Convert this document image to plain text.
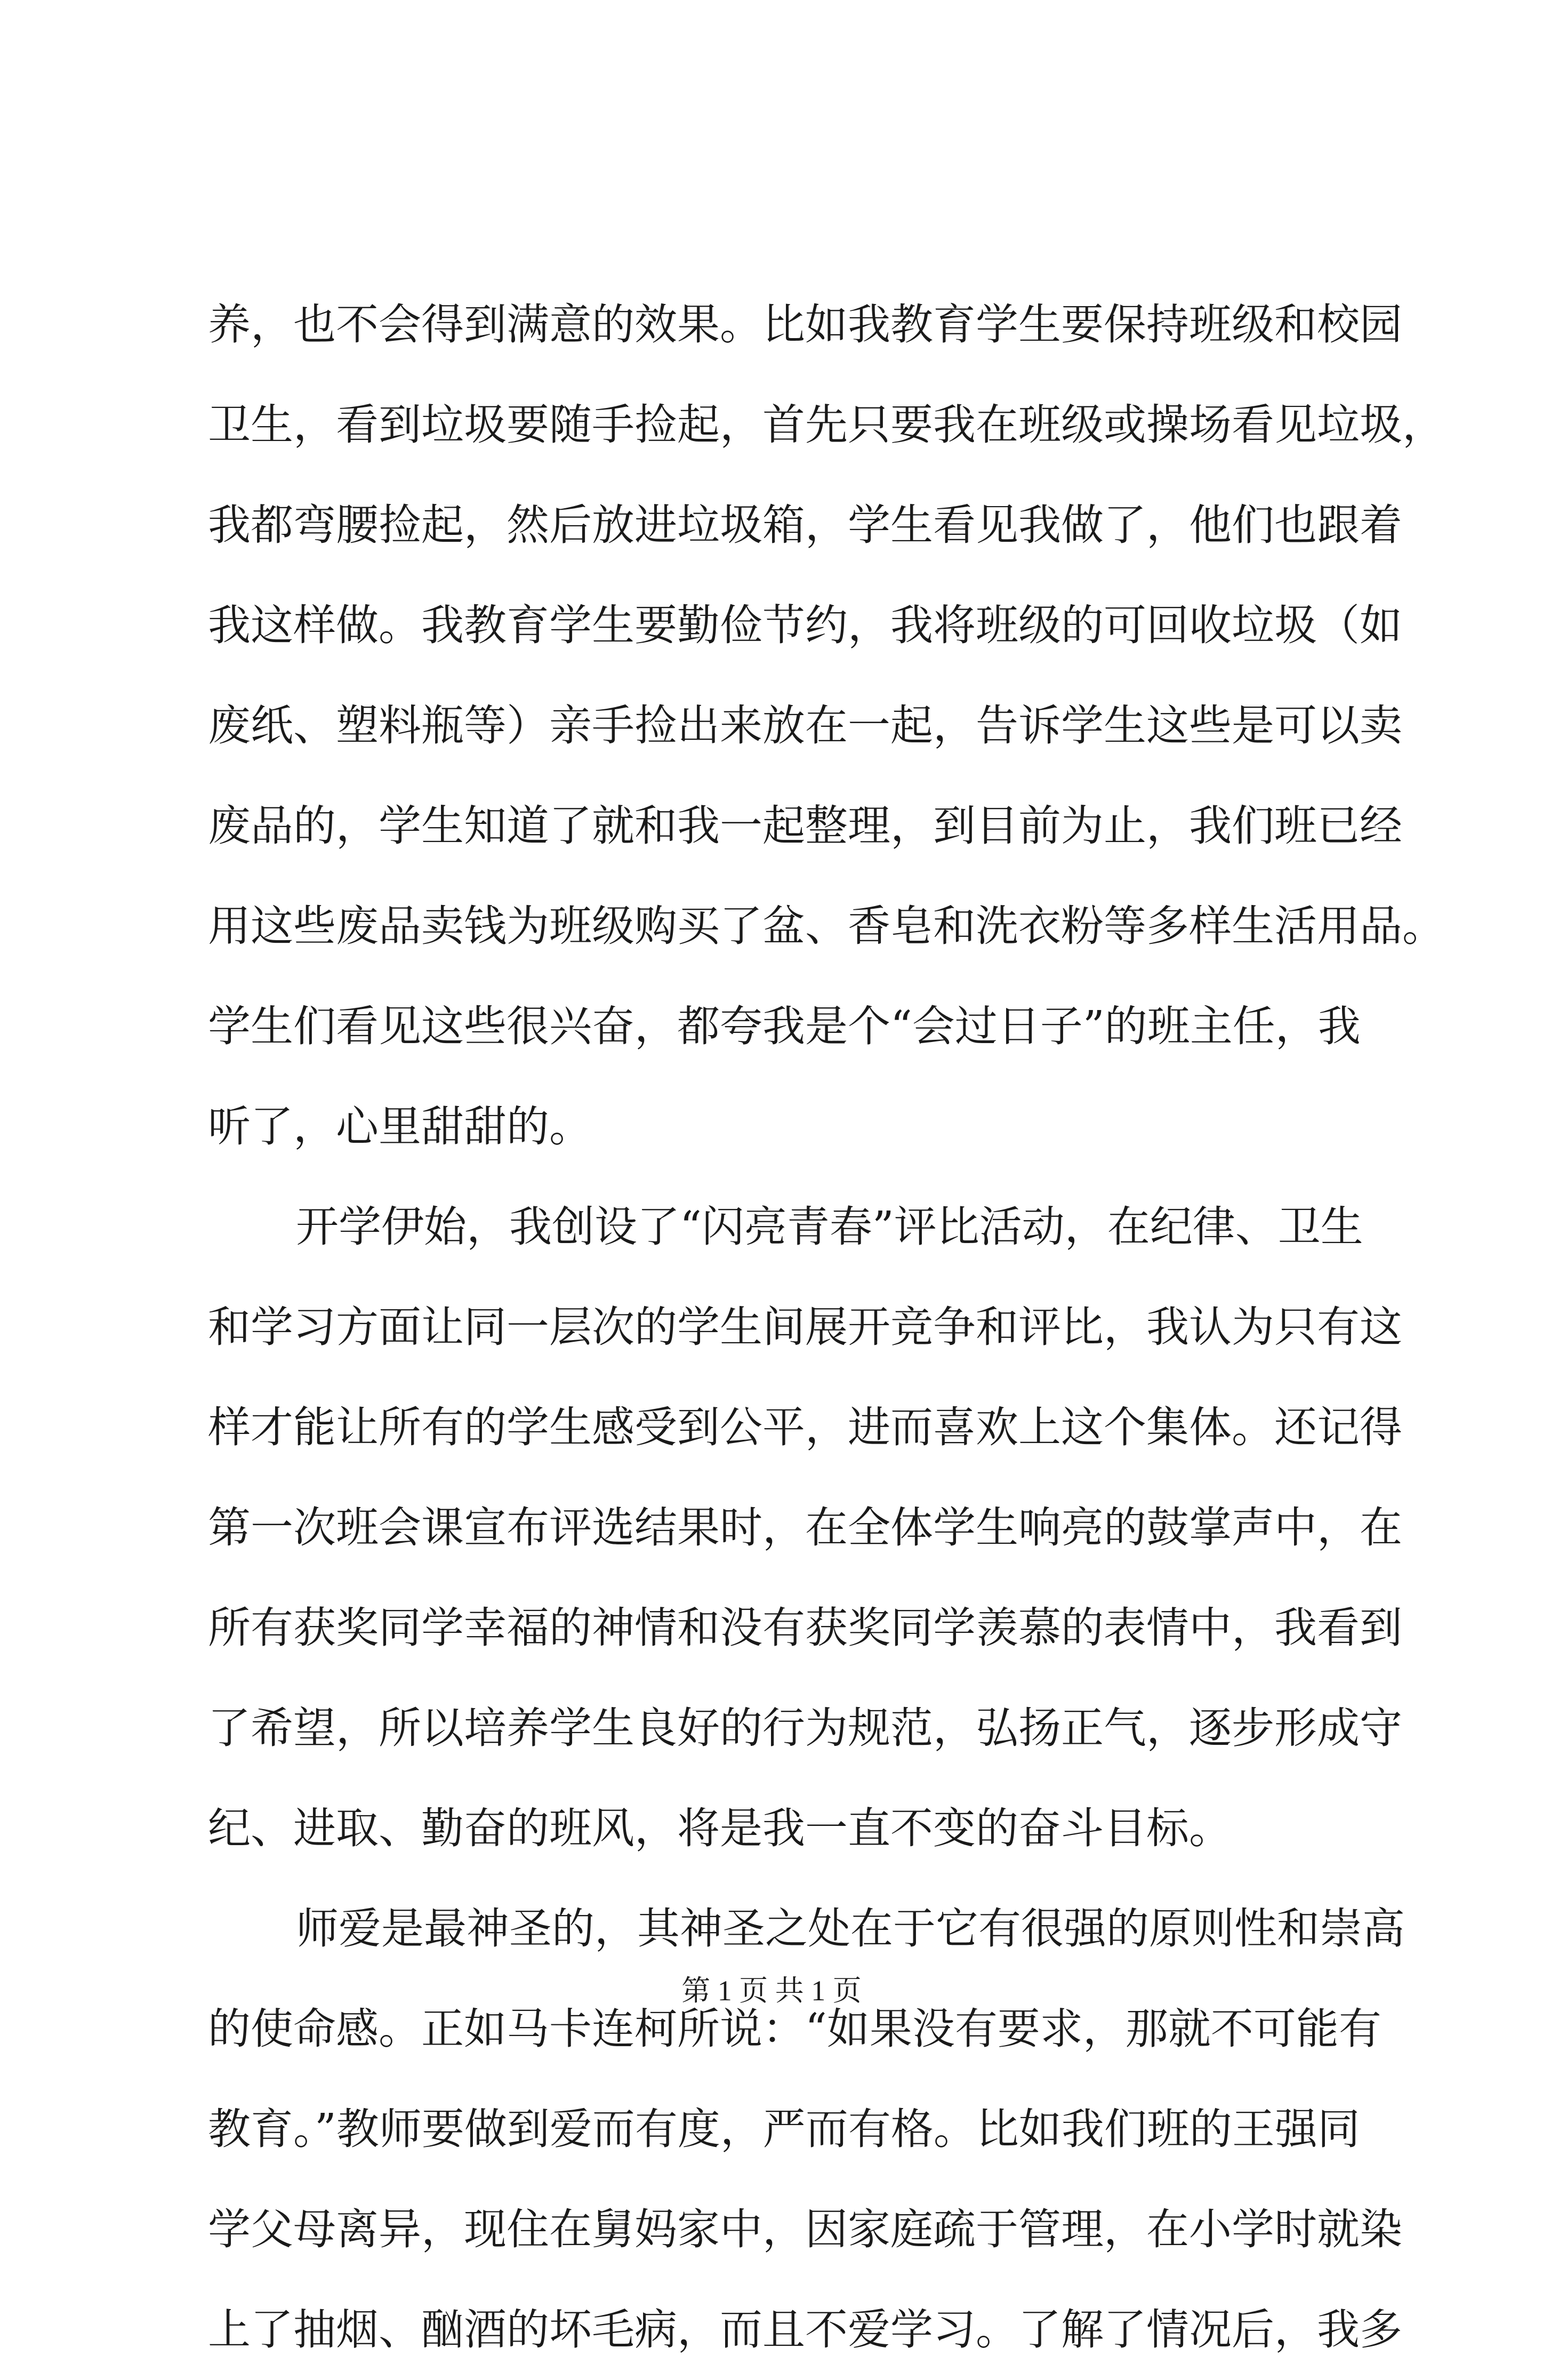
养，也不会得到满意的效果。比如我教育学生要保持班级和校园
卫生，看到垃圾要随手捡起，首先只要我在班级或操场看见垃圾，
我都弯腰捡起，然后放进垃圾箱，学生看见我做了，他们也跟着
我这样做。我教育学生要勤俭节约，我将班级的可回收垃圾（如
废纸、塑料瓶等）亲手捡出来放在一起，告诉学生这些是可以卖
废品的，学生知道了就和我一起整理，到目前为止，我们班已经
用这些废品卖钱为班级购买了盆、香皂和洗衣粉等多样生活用品。
学生们看见这些很兴奋，都夸我是个“会过日子”的班主任，我
听了，心里甜甜的。
开学伊始，我创设了“闪亮青春”评比活动，在纪律、卫生
和学习方面让同一层次的学生间展开竞争和评比，我认为只有这
样才能让所有的学生感受到公平，进而喜欢上这个集体。还记得
第一次班会课宣布评选结果时，在全体学生响亮的鼓掌声中，在
所有获奖同学幸福的神情和没有获奖同学羡慕的表情中，我看到
了希望，所以培养学生良好的行为规范，弘扬正气，逐步形成守
纪、进取、勤奋的班风，将是我一直不变的奋斗目标。
师爱是最神圣的，其神圣之处在于它有很强的原则性和崇高
的使命感。正如马卡连柯所说：“如果没有要求，那就不可能有
教育。”教师要做到爱而有度，严而有格。比如我们班的王强同
学父母离异，现住在舅妈家中，因家庭疏于管理，在小学时就染
上了抽烟、酗酒的坏毛病，而且不爱学习。了解了情况后，我多
第 1 页 共 1 页
